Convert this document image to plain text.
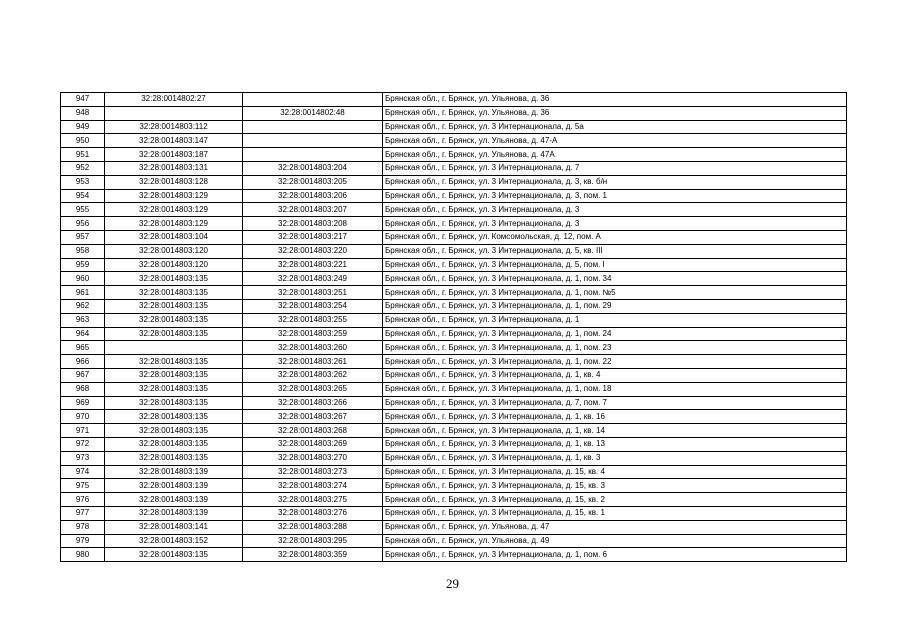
947	32:28:0014802:27		Брянская обл., г. Брянск, ул. Ульянова, д. 36
948		32:28:0014802:48	Брянская обл., г. Брянск, ул. Ульянова, д. 36
949	32:28:0014803:112		Брянская обл., г. Брянск, ул. 3 Интернационала, д. 5а
950	32:28:0014803:147		Брянская обл., г. Брянск, ул. Ульянова, д. 47-А
951	32:28:0014803:187		Брянская обл., г. Брянск, ул. Ульянова, д. 47А
952	32:28:0014803:131	32:28:0014803:204	Брянская обл., г. Брянск, ул. 3 Интернационала, д. 7
953	32:28:0014803:128	32:28:0014803:205	Брянская обл., г. Брянск, ул. 3 Интернационала, д. 3, кв. б/н
954	32:28:0014803:129	32:28:0014803:206	Брянская обл., г. Брянск, ул. 3 Интернационала, д. 3, пом. 1
955	32:28:0014803:129	32:28:0014803:207	Брянская обл., г. Брянск, ул. 3 Интернационала, д. 3
956	32:28:0014803:129	32:28:0014803:208	Брянская обл., г. Брянск, ул. 3 Интернационала, д. 3
957	32:28:0014803:104	32:28:0014803:217	Брянская обл., г. Брянск, ул. Комсомольская, д. 12, пом. А
958	32:28:0014803:120	32:28:0014803:220	Брянская обл., г. Брянск, ул. 3 Интернационала, д. 5, кв. III
959	32:28:0014803:120	32:28:0014803:221	Брянская обл., г. Брянск, ул. 3 Интернационала, д. 5, пом. I
960	32:28:0014803:135	32:28:0014803:249	Брянская обл., г. Брянск, ул. 3 Интернационала, д. 1, пом. 34
961	32:28:0014803:135	32:28:0014803:251	Брянская обл., г. Брянск, ул. 3 Интернационала, д. 1, пом. №5
962	32:28:0014803:135	32:28:0014803:254	Брянская обл., г. Брянск, ул. 3 Интернационала, д. 1, пом. 29
963	32:28:0014803:135	32:28:0014803:255	Брянская обл., г. Брянск, ул. 3 Интернационала, д. 1
964	32:28:0014803:135	32:28:0014803:259	Брянская обл., г. Брянск, ул. 3 Интернационала, д. 1, пом. 24
965		32:28:0014803:260	Брянская обл., г. Брянск, ул. 3 Интернационала, д. 1, пом. 23
966	32:28:0014803:135	32:28:0014803:261	Брянская обл., г. Брянск, ул. 3 Интернационала, д. 1, пом. 22
967	32:28:0014803:135	32:28:0014803:262	Брянская обл., г. Брянск, ул. 3 Интернационала, д. 1, кв. 4
968	32:28:0014803:135	32:28:0014803:265	Брянская обл., г. Брянск, ул. 3 Интернационала, д. 1, пом. 18
969	32:28:0014803:135	32:28:0014803:266	Брянская обл., г. Брянск, ул. 3 Интернационала, д. 7, пом. 7
970	32:28:0014803:135	32:28:0014803:267	Брянская обл., г. Брянск, ул. 3 Интернационала, д. 1, кв. 16
971	32:28:0014803:135	32:28:0014803:268	Брянская обл., г. Брянск, ул. 3 Интернационала, д. 1, кв. 14
972	32:28:0014803:135	32:28:0014803:269	Брянская обл., г. Брянск, ул. 3 Интернационала, д. 1, кв. 13
973	32:28:0014803:135	32:28:0014803:270	Брянская обл., г. Брянск, ул. 3 Интернационала, д. 1, кв. 3
974	32:28:0014803:139	32:28:0014803:273	Брянская обл., г. Брянск, ул. 3 Интернационала, д. 15, кв. 4
975	32:28:0014803:139	32:28:0014803:274	Брянская обл., г. Брянск, ул. 3 Интернационала, д. 15, кв. 3
976	32:28:0014803:139	32:28:0014803:275	Брянская обл., г. Брянск, ул. 3 Интернационала, д. 15, кв. 2
977	32:28:0014803:139	32:28:0014803:276	Брянская обл., г. Брянск, ул. 3 Интернационала, д. 15, кв. 1
978	32:28:0014803:141	32:28:0014803:288	Брянская обл., г. Брянск, ул. Ульянова, д. 47
979	32:28:0014803:152	32:28:0014803:295	Брянская обл., г. Брянск, ул. Ульянова, д. 49
980	32:28:0014803:135	32:28:0014803:359	Брянская обл., г. Брянск, ул. 3 Интернационала, д. 1, пом. 6
29
